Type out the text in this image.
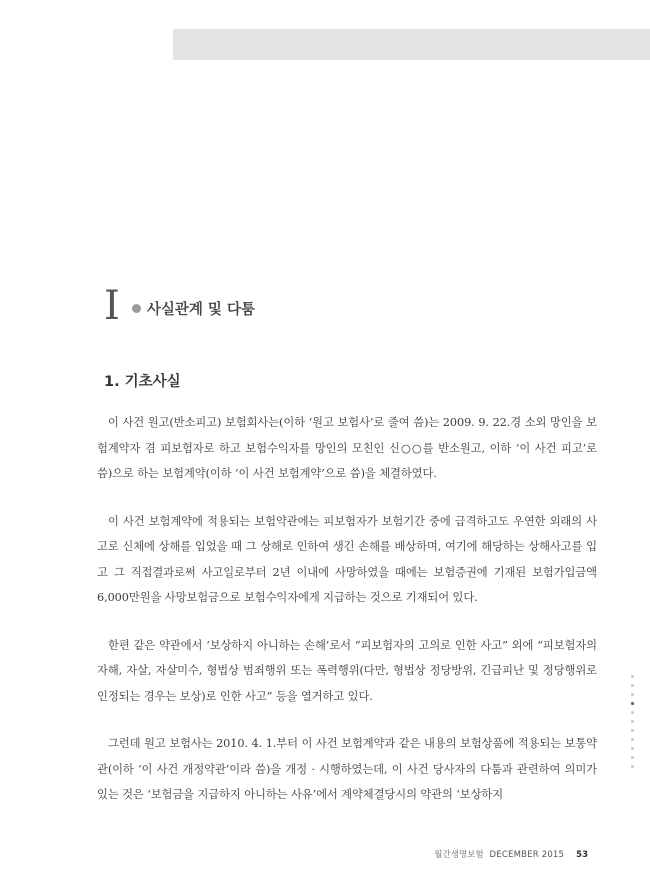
I 사실관계 및 다툼
1. 기초사실

이 사건 원고(반소피고) 보험회사는(이하 ‘원고 보험사’로 줄여 씀)는 2009. 9. 22.경 소외 망인을 보험계약자 겸 피보험자로 하고 보험수익자를 망인의 모친인 신○○를 반소원고, 이하 ‘이 사건 피고’로 씀)으로 하는 보험계약(이하 ‘이 사건 보험계약’으로 씀)을 체결하였다.

이 사건 보험계약에 적용되는 보험약관에는 피보험자가 보험기간 중에 급격하고도 우연한 외래의 사고로 신체에 상해를 입었을 때 그 상해로 인하여 생긴 손해를 배상하며, 여기에 해당하는 상해사고를 입고 그 직접결과로써 사고일로부터 2년 이내에 사망하였을 때에는 보험증권에 기재된 보험가입금액 6,000만원을 사망보험금으로 보험수익자에게 지급하는 것으로 기재되어 있다.

한편 같은 약관에서 ‘보상하지 아니하는 손해’로서 “피보험자의 고의로 인한 사고” 외에 “피보험자의 자해, 자살, 자살미수, 형법상 범죄행위 또는 폭력행위(다만, 형법상 정당방위, 긴급피난 및 정당행위로 인정되는 경우는 보상)로 인한 사고” 등을 열거하고 있다.

그런데 원고 보험사는 2010. 4. 1.부터 이 사건 보험계약과 같은 내용의 보험상품에 적용되는 보통약관(이하 ‘이 사건 개정약관’이라 씀)을 개정 · 시행하였는데, 이 사건 당사자의 다툼과 관련하여 의미가 있는 것은 ‘보험금을 지급하지 아니하는 사유’에서 계약체결당시의 약관의 ‘보상하지

월간생명보험 DECEMBER 2015 53
